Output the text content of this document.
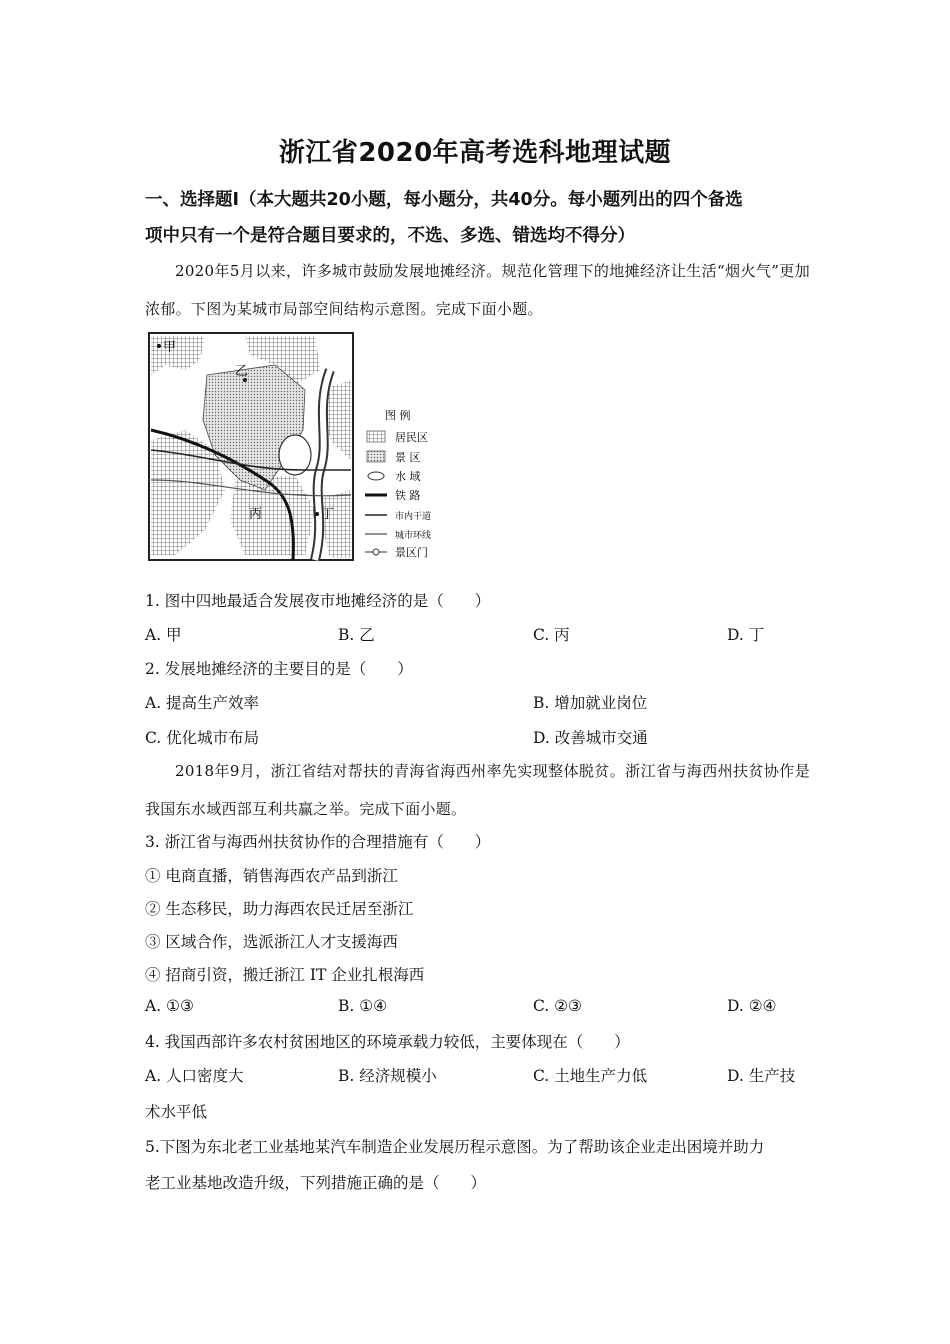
浙江省2020年高考选科地理试题
一、选择题Ⅰ（本大题共20小题，每小题分，共40分。每小题列出的四个备选
项中只有一个是符合题目要求的，不选、多选、错选均不得分）
2020年5月以来，许多城市鼓励发展地摊经济。规范化管理下的地摊经济让生活“烟火气”更加浓郁。下图为某城市局部空间结构示意图。完成下面小题。
甲
乙
丙	丁
图 例
居民区
景 区
水 域
铁 路
市内干道
城市环线
景区门
1. 图中四地最适合发展夜市地摊经济的是（　　）
A. 甲	B. 乙	C. 丙	D. 丁
2. 发展地摊经济的主要目的是（　　）
A. 提高生产效率	B. 增加就业岗位
C. 优化城市布局	D. 改善城市交通
2018年9月，浙江省结对帮扶的青海省海西州率先实现整体脱贫。浙江省与海西州扶贫协作是我国东水域西部互利共赢之举。完成下面小题。
3. 浙江省与海西州扶贫协作的合理措施有（　　）
① 电商直播，销售海西农产品到浙江
② 生态移民，助力海西农民迁居至浙江
③ 区域合作，选派浙江人才支援海西
④ 招商引资，搬迁浙江 IT 企业扎根海西
A. ①③	B. ①④	C. ②③	D. ②④
4. 我国西部许多农村贫困地区的环境承载力较低，主要体现在（　　）
A. 人口密度大	B. 经济规模小	C. 土地生产力低	D. 生产技
术水平低
5.下图为东北老工业基地某汽车制造企业发展历程示意图。为了帮助该企业走出困境并助力
老工业基地改造升级，下列措施正确的是（　　）
